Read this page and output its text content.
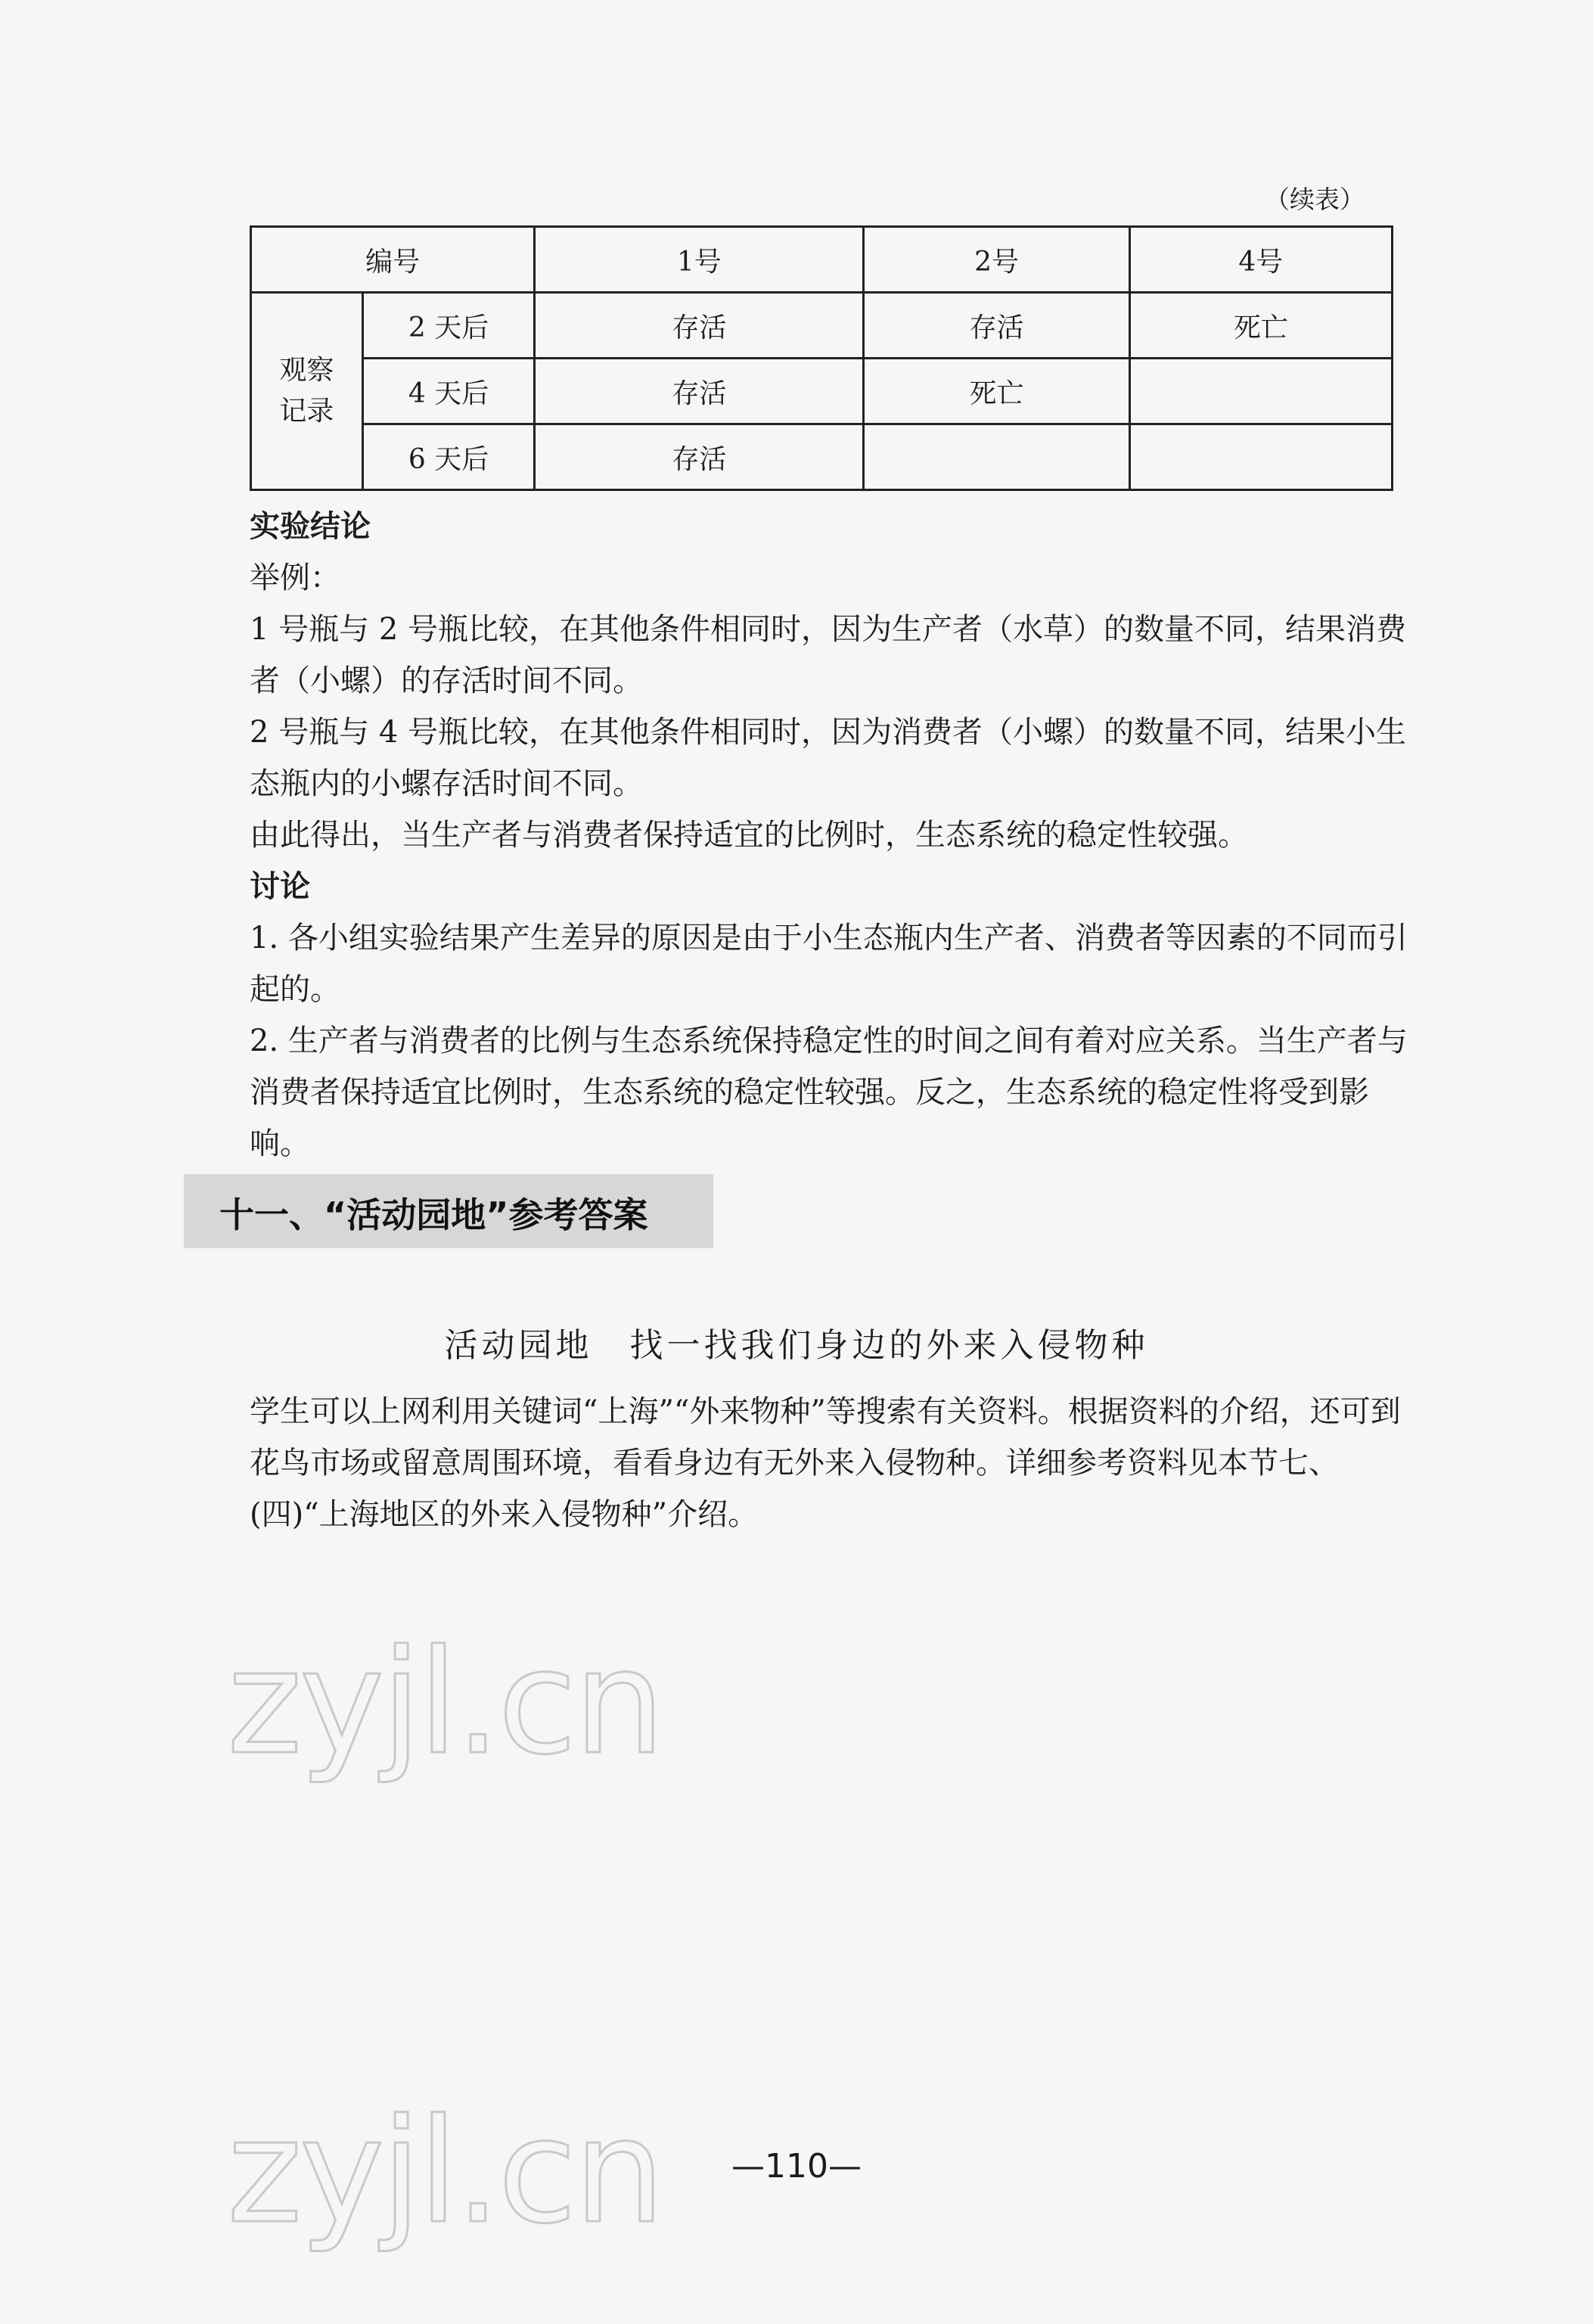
（续表）
编号		1号	2号	4号

观察
记录	2 天后	存活	存活	死亡
	4 天后	存活	死亡	
	6 天后	存活		

实验结论

举例：

1 号瓶与 2 号瓶比较，在其他条件相同时，因为生产者（水草）的数量不同，结果消费者（小螺）的存活时间不同。

2 号瓶与 4 号瓶比较，在其他条件相同时，因为消费者（小螺）的数量不同，结果小生态瓶内的小螺存活时间不同。

由此得出，当生产者与消费者保持适宜的比例时，生态系统的稳定性较强。

讨论

1. 各小组实验结果产生差异的原因是由于小生态瓶内生产者、消费者等因素的不同而引起的。

2. 生产者与消费者的比例与生态系统保持稳定性的时间之间有着对应关系。当生产者与消费者保持适宜比例时，生态系统的稳定性较强。反之，生态系统的稳定性将受到影响。

十一、“活动园地”参考答案
活动园地　找一找我们身边的外来入侵物种

学生可以上网利用关键词“上海”“外来物种”等搜索有关资料。根据资料的介绍，还可到花鸟市场或留意周围环境，看看身边有无外来入侵物种。详细参考资料见本节七、(四)“上海地区的外来入侵物种”介绍。

zyjl.cn
zyjl.cn	—110—
